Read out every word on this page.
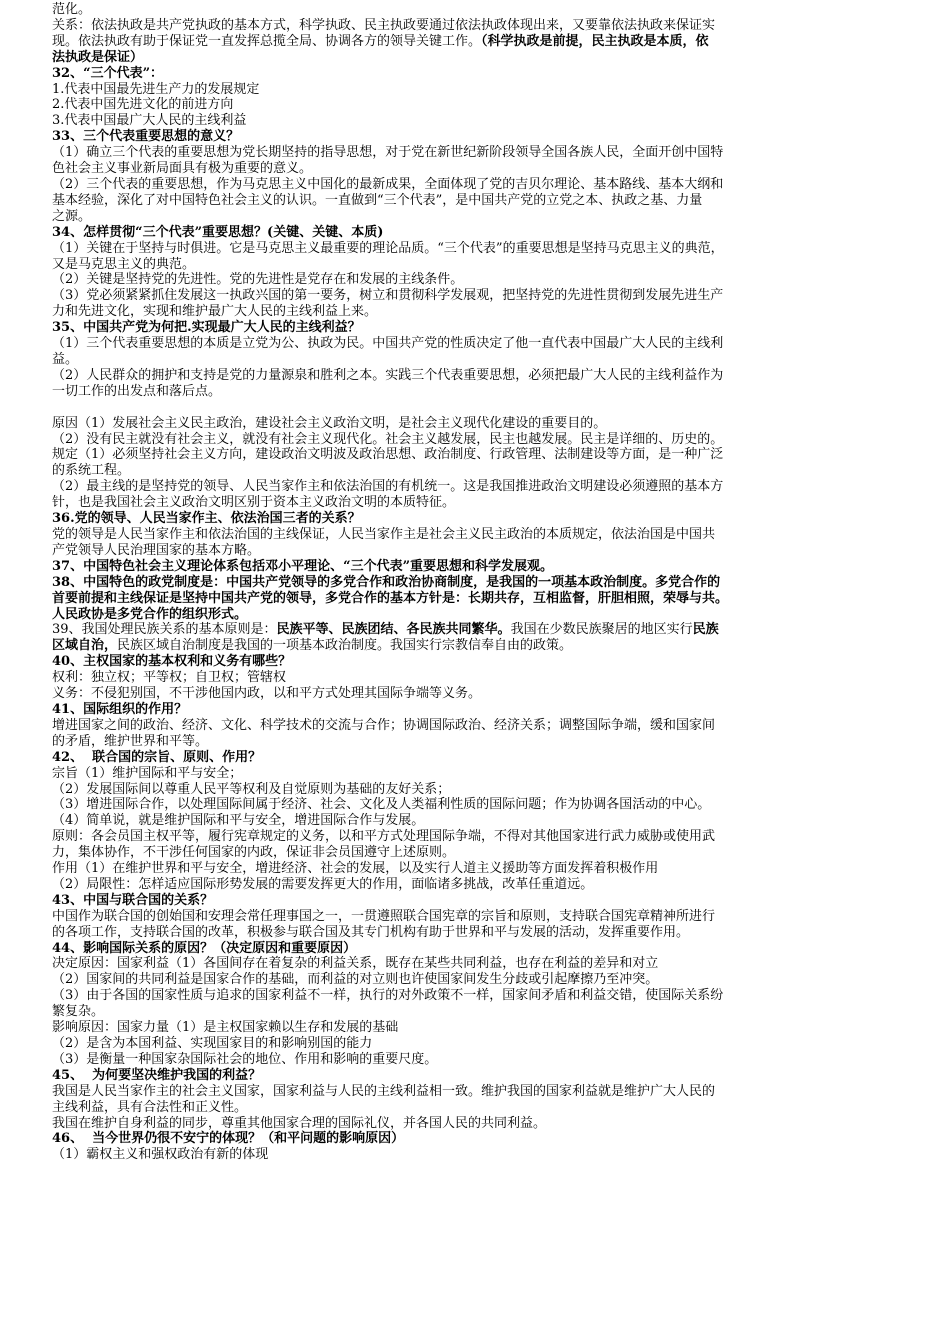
范化。
关系：依法执政是共产党执政的基本方式，科学执政、民主执政要通过依法执政体现出来，又要靠依法执政来保证实
现。依法执政有助于保证党一直发挥总揽全局、协调各方的领导关键工作。（科学执政是前提，民主执政是本质，依
法执政是保证）
32、“三个代表”：
1.代表中国最先进生产力的发展规定
2.代表中国先进文化的前进方向
3.代表中国最广大人民的主线利益
33、三个代表重要思想的意义？
（1）确立三个代表的重要思想为党长期坚持的指导思想，对于党在新世纪新阶段领导全国各族人民，全面开创中国特
色社会主义事业新局面具有极为重要的意义。
（2）三个代表的重要思想，作为马克思主义中国化的最新成果，全面体现了党的吉贝尔理论、基本路线、基本大纲和
基本经验，深化了对中国特色社会主义的认识。一直做到“三个代表”，是中国共产党的立党之本、执政之基、力量
之源。
34、怎样贯彻“三个代表”重要思想？(关键、关键、本质)
（1）关键在于坚持与时俱进。它是马克思主义最重要的理论品质。“三个代表”的重要思想是坚持马克思主义的典范，
又是马克思主义的典范。
（2）关键是坚持党的先进性。党的先进性是党存在和发展的主线条件。
（3）党必须紧紧抓住发展这一执政兴国的第一要务，树立和贯彻科学发展观，把坚持党的先进性贯彻到发展先进生产
力和先进文化，实现和维护最广大人民的主线利益上来。
35、中国共产党为何把.实现最广大人民的主线利益？
（1）三个代表重要思想的本质是立党为公、执政为民。中国共产党的性质决定了他一直代表中国最广大人民的主线利
益。
（2）人民群众的拥护和支持是党的力量源泉和胜利之本。实践三个代表重要思想，必须把最广大人民的主线利益作为
一切工作的出发点和落后点。
原因（1）发展社会主义民主政治，建设社会主义政治文明，是社会主义现代化建设的重要目的。
（2）没有民主就没有社会主义，就没有社会主义现代化。社会主义越发展，民主也越发展。民主是详细的、历史的。
规定（1）必须坚持社会主义方向，建设政治文明波及政治思想、政治制度、行政管理、法制建设等方面，是一种广泛
的系统工程。
（2）最主线的是坚持党的领导、人民当家作主和依法治国的有机统一。这是我国推进政治文明建设必须遵照的基本方
针，也是我国社会主义政治文明区别于资本主义政治文明的本质特征。
36.党的领导、人民当家作主、依法治国三者的关系？
党的领导是人民当家作主和依法治国的主线保证，人民当家作主是社会主义民主政治的本质规定，依法治国是中国共
产党领导人民治理国家的基本方略。
37、中国特色社会主义理论体系包括邓小平理论、“三个代表”重要思想和科学发展观。
38、中国特色的政党制度是：中国共产党领导的多党合作和政治协商制度，是我国的一项基本政治制度。多党合作的
首要前提和主线保证是坚持中国共产党的领导，多党合作的基本方针是：长期共存，互相监督，肝胆相照，荣辱与共。
人民政协是多党合作的组织形式。
39、我国处理民族关系的基本原则是：民族平等、民族团结、各民族共同繁华。我国在少数民族聚居的地区实行民族
区域自治，民族区域自治制度是我国的一项基本政治制度。我国实行宗教信奉自由的政策。
40、主权国家的基本权利和义务有哪些？
权利：独立权；平等权；自卫权；管辖权
义务：不侵犯别国，不干涉他国内政，以和平方式处理其国际争端等义务。
41、国际组织的作用？
增进国家之间的政治、经济、文化、科学技术的交流与合作；协调国际政治、经济关系；调整国际争端，缓和国家间
的矛盾，维护世界和平等。
42、  联合国的宗旨、原则、作用？
宗旨（1）维护国际和平与安全；
（2）发展国际间以尊重人民平等权利及自觉原则为基础的友好关系；
（3）增进国际合作，以处理国际间属于经济、社会、文化及人类福利性质的国际问题；作为协调各国活动的中心。
（4）简单说，就是维护国际和平与安全，增进国际合作与发展。
原则：各会员国主权平等，履行宪章规定的义务，以和平方式处理国际争端，不得对其他国家进行武力威胁或使用武
力，集体协作，不干涉任何国家的内政，保证非会员国遵守上述原则。
作用（1）在维护世界和平与安全，增进经济、社会的发展，以及实行人道主义援助等方面发挥着积极作用
（2）局限性：怎样适应国际形势发展的需要发挥更大的作用，面临诸多挑战，改革任重道远。
43、中国与联合国的关系？
中国作为联合国的创始国和安理会常任理事国之一，一贯遵照联合国宪章的宗旨和原则，支持联合国宪章精神所进行
的各项工作，支持联合国的改革，积极参与联合国及其专门机构有助于世界和平与发展的活动，发挥重要作用。
44、影响国际关系的原因？（决定原因和重要原因）
决定原因：国家利益（1）各国间存在着复杂的利益关系，既存在某些共同利益，也存在利益的差异和对立
（2）国家间的共同利益是国家合作的基础，而利益的对立则也许使国家间发生分歧或引起摩擦乃至冲突。
（3）由于各国的国家性质与追求的国家利益不一样，执行的对外政策不一样，国家间矛盾和利益交错，使国际关系纷
繁复杂。
影响原因：国家力量（1）是主权国家赖以生存和发展的基础
（2）是含为本国利益、实现国家目的和影响别国的能力
（3）是衡量一种国家杂国际社会的地位、作用和影响的重要尺度。
45、  为何要坚决维护我国的利益？
我国是人民当家作主的社会主义国家，国家利益与人民的主线利益相一致。维护我国的国家利益就是维护广大人民的
主线利益，具有合法性和正义性。
我国在维护自身利益的同步，尊重其他国家合理的国际礼仪，并各国人民的共同利益。
46、  当今世界仍很不安宁的体现？（和平问题的影响原因）
（1）霸权主义和强权政治有新的体现
